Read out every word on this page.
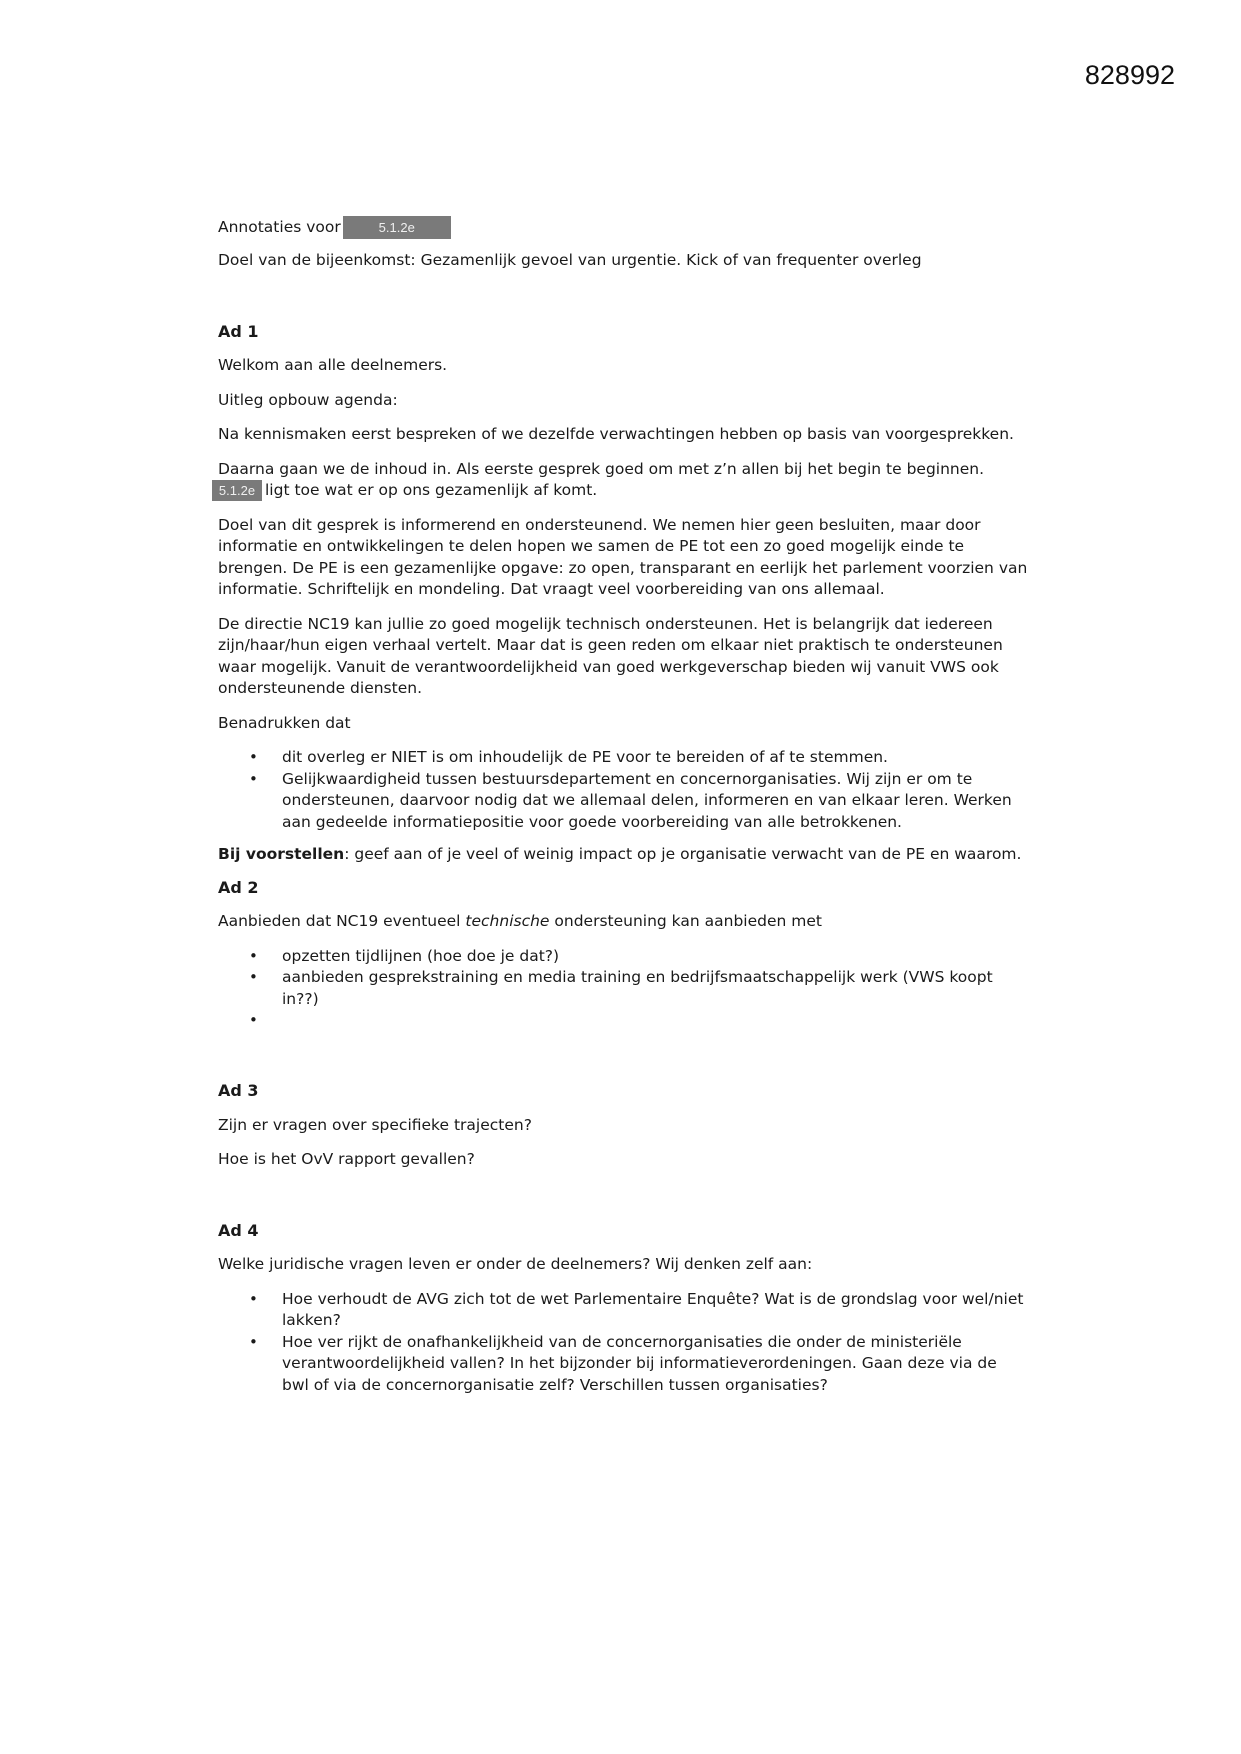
828992

Annotaties voor	5.1.2e

Doel van de bijeenkomst: Gezamenlijk gevoel van urgentie. Kick of van frequenter overleg

Ad 1

Welkom aan alle deelnemers.

Uitleg opbouw agenda:

Na kennismaken eerst bespreken of we dezelfde verwachtingen hebben op basis van voorgesprekken.

Daarna gaan we de inhoud in. Als eerste gesprek goed om met z’n allen bij het begin te beginnen.
5.1.2e ligt toe wat er op ons gezamenlijk af komt.

Doel van dit gesprek is informerend en ondersteunend. We nemen hier geen besluiten, maar door informatie en ontwikkelingen te delen hopen we samen de PE tot een zo goed mogelijk einde te brengen. De PE is een gezamenlijke opgave: zo open, transparant en eerlijk het parlement voorzien van informatie. Schriftelijk en mondeling. Dat vraagt veel voorbereiding van ons allemaal.

De directie NC19 kan jullie zo goed mogelijk technisch ondersteunen. Het is belangrijk dat iedereen zijn/haar/hun eigen verhaal vertelt. Maar dat is geen reden om elkaar niet praktisch te ondersteunen waar mogelijk. Vanuit de verantwoordelijkheid van goed werkgeverschap bieden wij vanuit VWS ook ondersteunende diensten.

Benadrukken dat

• dit overleg er NIET is om inhoudelijk de PE voor te bereiden of af te stemmen.
• Gelijkwaardigheid tussen bestuursdepartement en concernorganisaties. Wij zijn er om te ondersteunen, daarvoor nodig dat we allemaal delen, informeren en van elkaar leren. Werken aan gedeelde informatiepositie voor goede voorbereiding van alle betrokkenen.

Bij voorstellen: geef aan of je veel of weinig impact op je organisatie verwacht van de PE en waarom.

Ad 2

Aanbieden dat NC19 eventueel technische ondersteuning kan aanbieden met

• opzetten tijdlijnen (hoe doe je dat?)
• aanbieden gesprekstraining en media training en bedrijfsmaatschappelijk werk (VWS koopt in??)
•
Ad 3

Zijn er vragen over specifieke trajecten?

Hoe is het OvV rapport gevallen?

Ad 4

Welke juridische vragen leven er onder de deelnemers? Wij denken zelf aan:

• Hoe verhoudt de AVG zich tot de wet Parlementaire Enquête? Wat is de grondslag voor wel/niet lakken?
• Hoe ver rijkt de onafhankelijkheid van de concernorganisaties die onder de ministeriële verantwoordelijkheid vallen? In het bijzonder bij informatieverordeningen. Gaan deze via de bwl of via de concernorganisatie zelf? Verschillen tussen organisaties?
